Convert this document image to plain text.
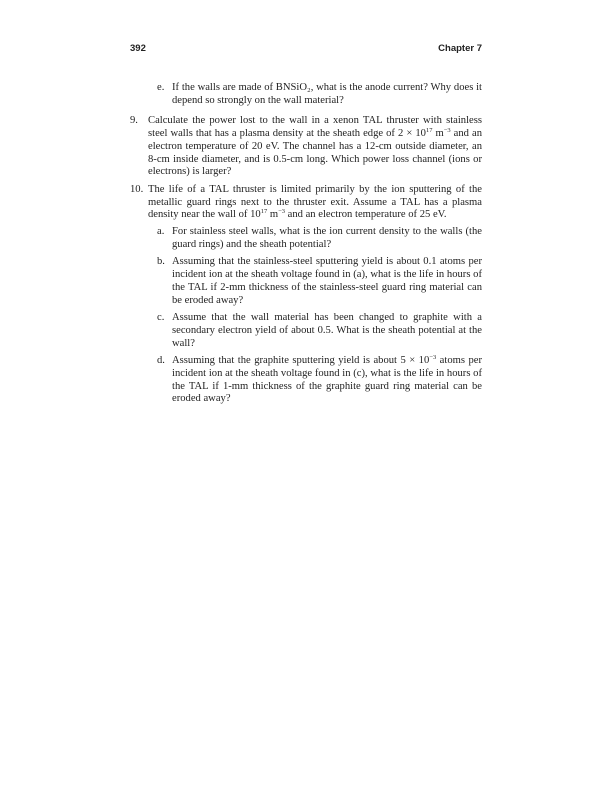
392	Chapter 7
e. If the walls are made of BNSiO₂, what is the anode current? Why does it depend so strongly on the wall material?
9. Calculate the power lost to the wall in a xenon TAL thruster with stainless steel walls that has a plasma density at the sheath edge of $2 \times 10^{17}$ $m^{-3}$ and an electron temperature of 20 eV. The channel has a 12-cm outside diameter, an 8-cm inside diameter, and is 0.5-cm long. Which power loss channel (ions or electrons) is larger?
10. The life of a TAL thruster is limited primarily by the ion sputtering of the metallic guard rings next to the thruster exit. Assume a TAL has a plasma density near the wall of $10^{17}$ $m^{-3}$ and an electron temperature of 25 eV.
a. For stainless steel walls, what is the ion current density to the walls (the guard rings) and the sheath potential?
b. Assuming that the stainless-steel sputtering yield is about 0.1 atoms per incident ion at the sheath voltage found in (a), what is the life in hours of the TAL if 2-mm thickness of the stainless-steel guard ring material can be eroded away?
c. Assume that the wall material has been changed to graphite with a secondary electron yield of about 0.5. What is the sheath potential at the wall?
d. Assuming that the graphite sputtering yield is about $5 \times 10^{-3}$ atoms per incident ion at the sheath voltage found in (c), what is the life in hours of the TAL if 1-mm thickness of the graphite guard ring material can be eroded away?
